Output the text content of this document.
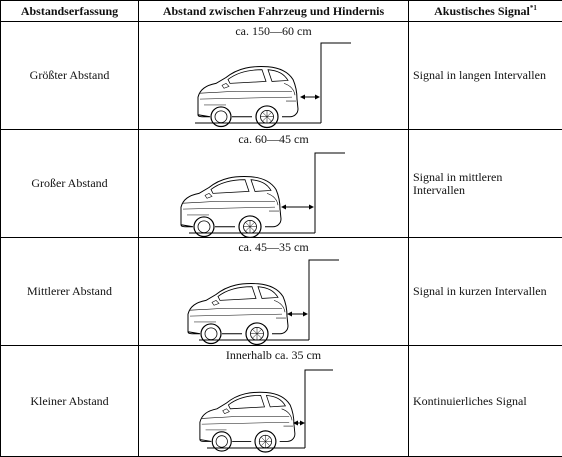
Abstandserfassung	Abstand zwischen Fahrzeug und Hindernis	Akustisches Signal$^{*1}$
Größter Abstand	ca. 150—60 cm	Signal in langen Intervallen
Großer Abstand	ca. 60—45 cm	Signal in mittleren Intervallen
Mittlerer Abstand	ca. 45—35 cm	Signal in kurzen Intervallen
Kleiner Abstand	Innerhalb ca. 35 cm	Kontinuierliches Signal
